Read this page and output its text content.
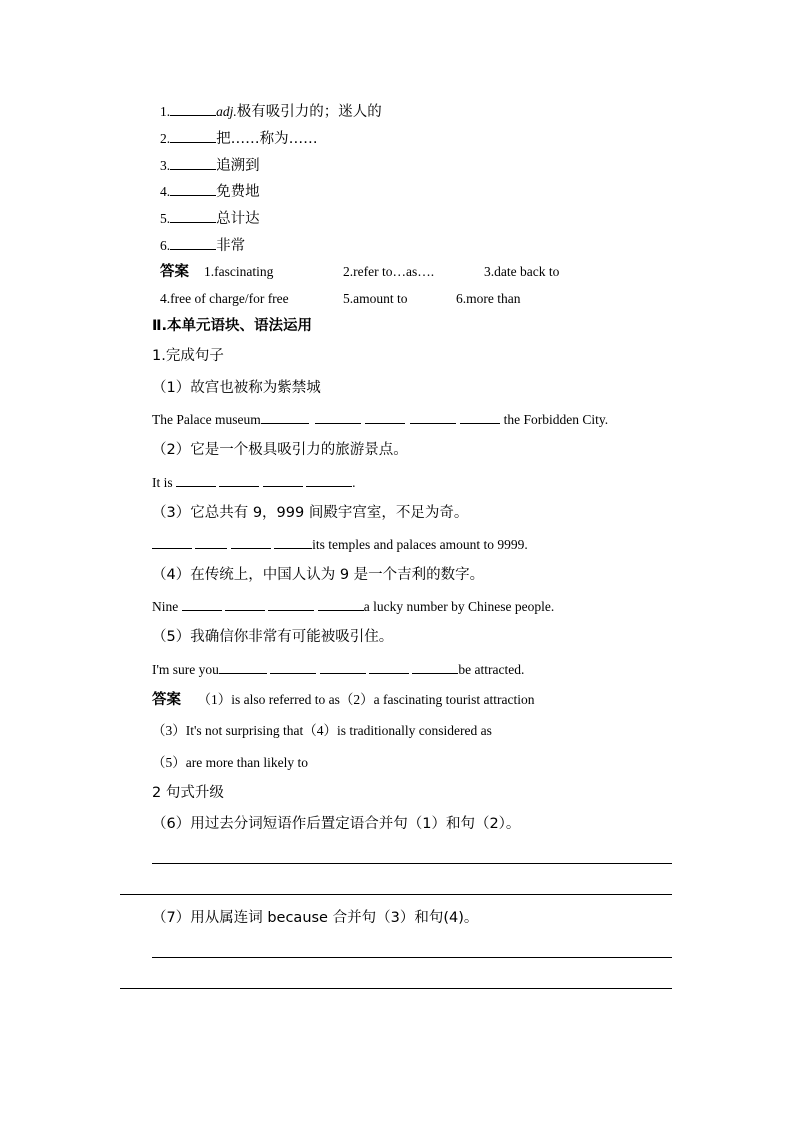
1.	adj.极有吸引力的；迷人的
2.	把……称为……
3.	追溯到
4.	免费地
5.	总计达
6.	非常
答案 1.fascinating	2.refer to…as….	3.date back to
4.free of charge/for free	5.amount to	6.more than
Ⅱ.本单元语块、语法运用
1.完成句子
（1）故宫也被称为紫禁城
The Palace museum	the Forbidden City.
（2）它是一个极具吸引力的旅游景点。
It is	.
（3）它总共有 9，999 间殿宇宫室，不足为奇。
its temples and palaces amount to 9999.
（4）在传统上，中国人认为 9 是一个吉利的数字。
Nine	a lucky number by Chinese people.
（5）我确信你非常有可能被吸引住。
I'm sure you	be attracted.
答案 （1）is also referred to as（2）a fascinating tourist attraction
（3）It's not surprising that（4）is traditionally considered as
（5）are more than likely to
2 句式升级
（6）用过去分词短语作后置定语合并句（1）和句（2）。
（7）用从属连词 because 合并句（3）和句(4)。
